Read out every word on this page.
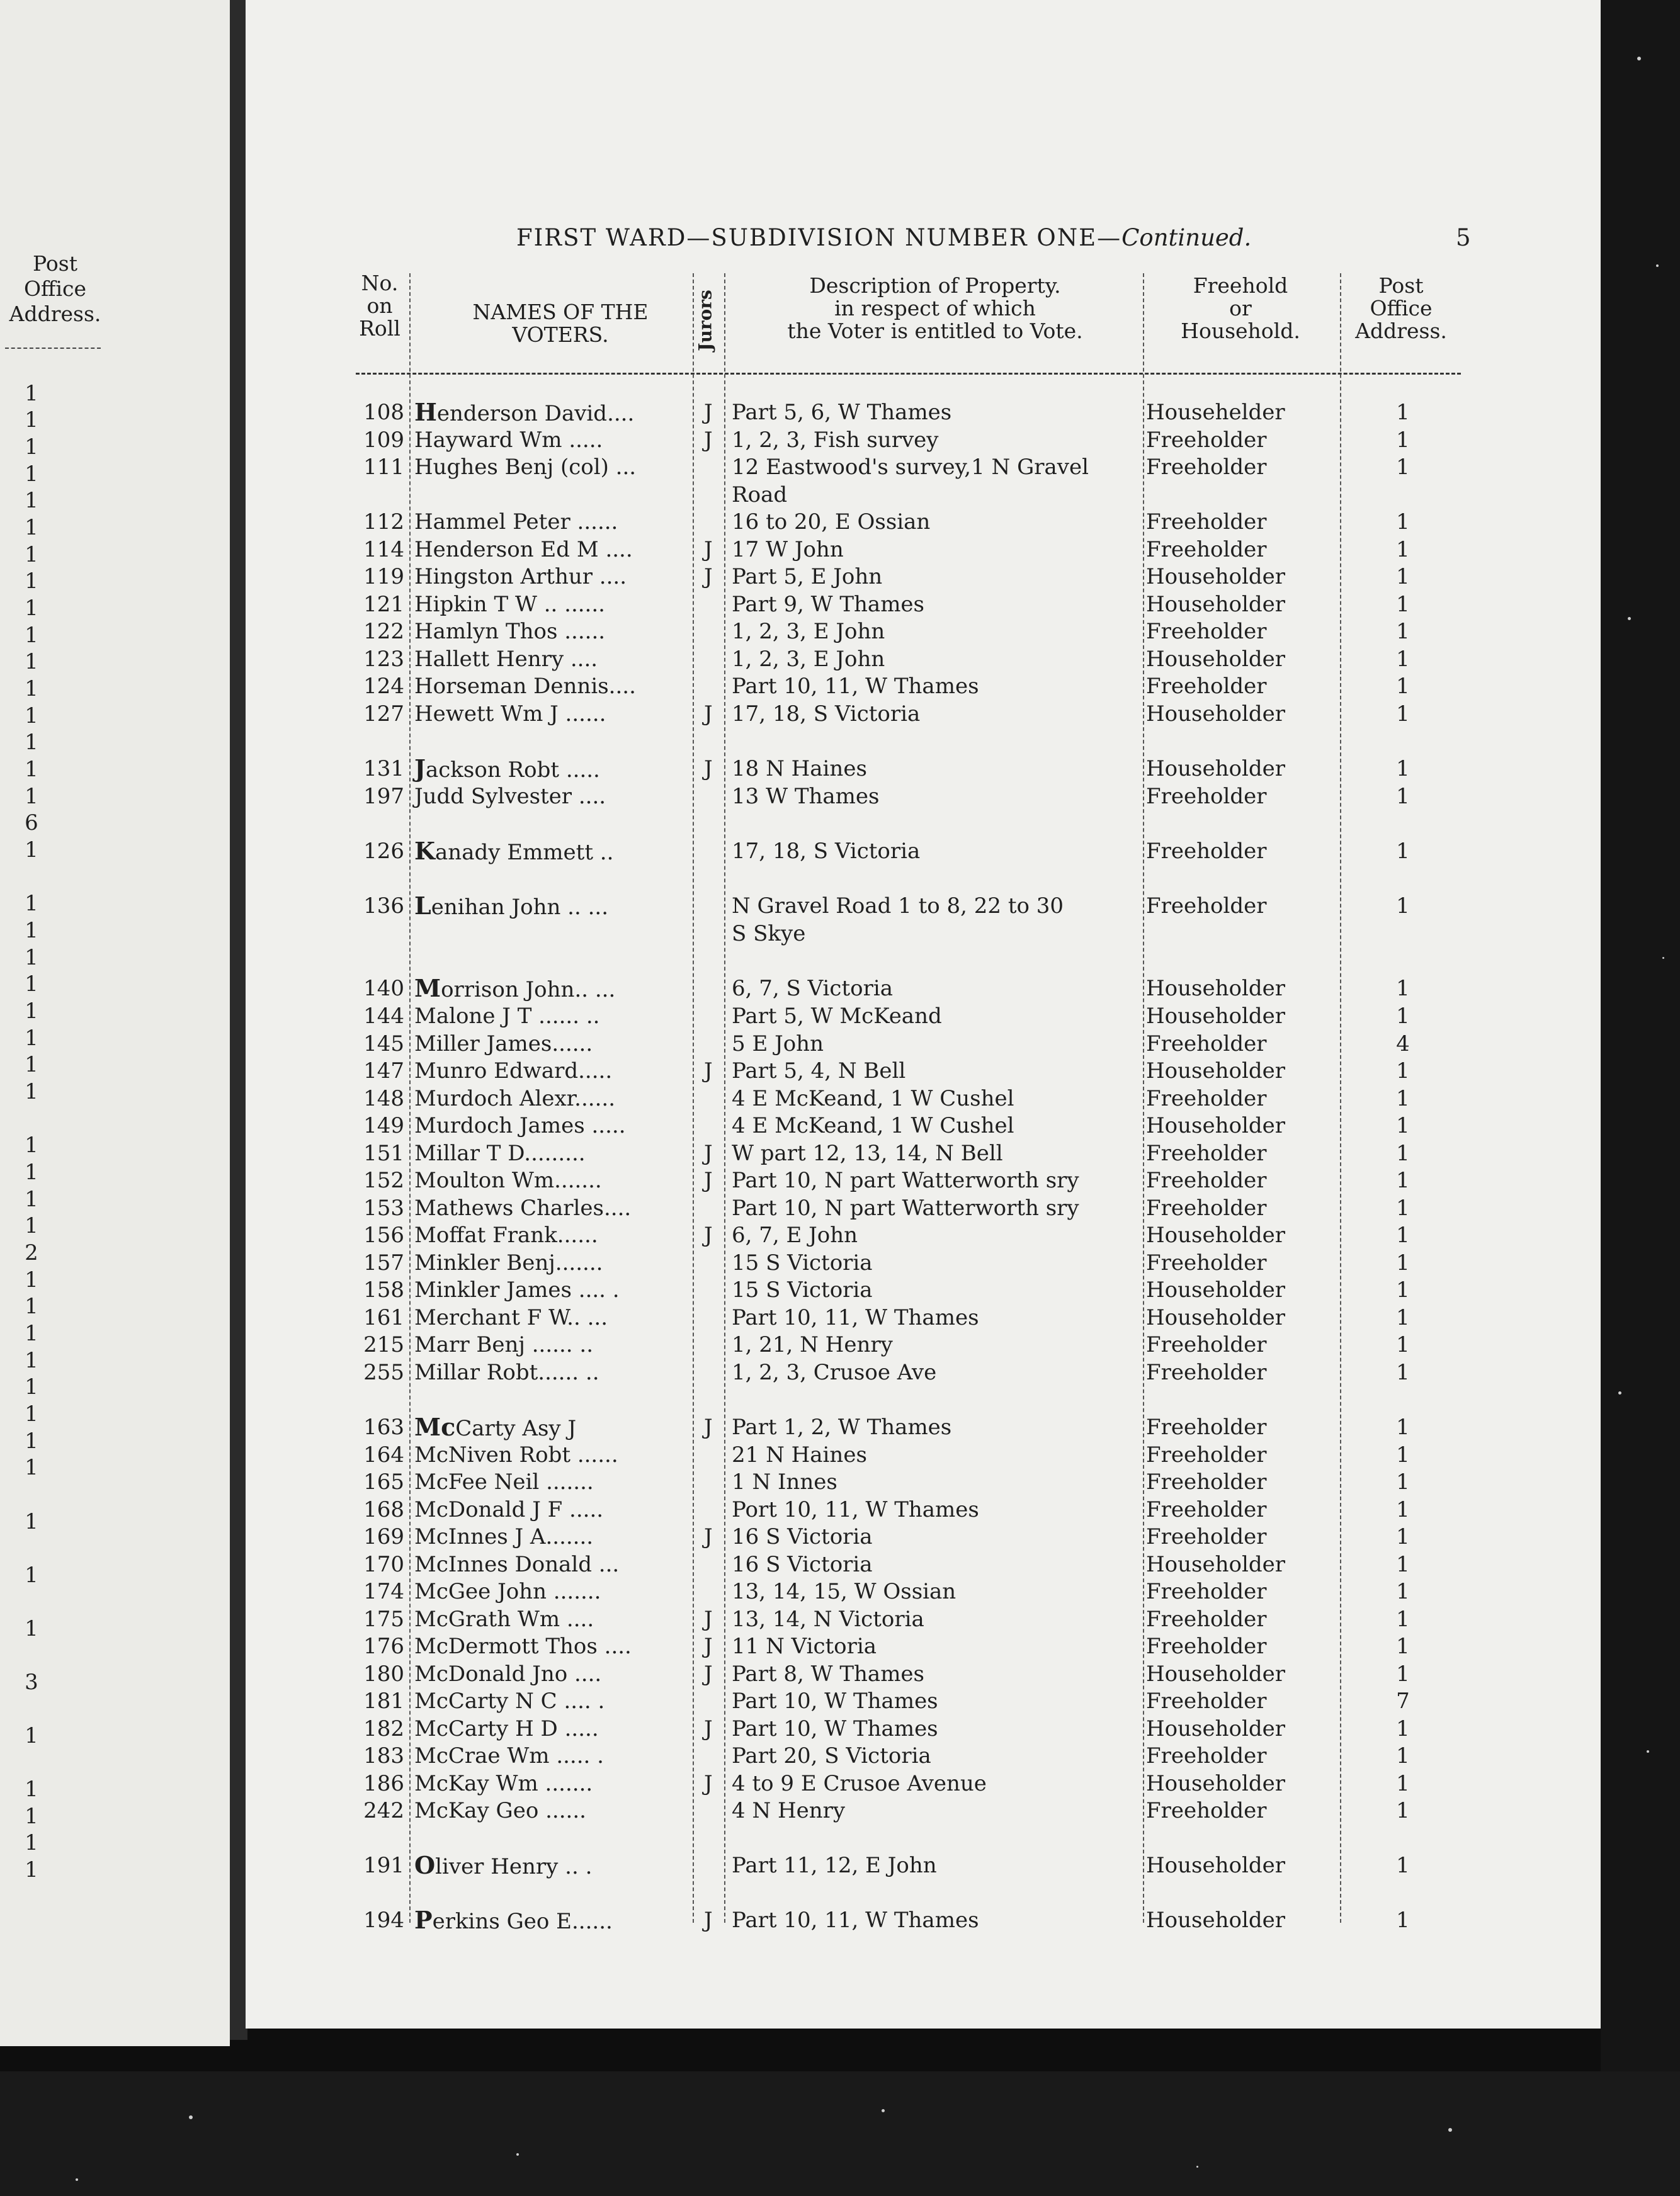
Post
Office
Address.
1
1
1
1
1
1
1
1
1
1
1
1
1
1
1
1
6
1
1
1
1
1
1
1
1
1
1
1
1
1
2
1
1
1
1
1
1
1
1
1
1
1
3
1
1
1
1
1
FIRST WARD—SUBDIVISION NUMBER ONE—Continued.	5
No.
on
Roll
NAMES OF THE
VOTERS.	Jurors
Description of Property.
in respect of which
the Voter is entitled to Vote.
Freehold
or
Household.
Post
Office
Address.
108 Henderson David....	J Part 5, 6, W Thames	Househelder	1
109 Hayward Wm .....	J 1, 2, 3, Fish survey	Freeholder	1
111 Hughes Benj (col) ...	12 Eastwood's survey,1 N Gravel	Freeholder	1
Road
112 Hammel Peter ......	16 to 20, E Ossian	Freeholder	1
114 Henderson Ed M ....	J 17 W John	Freeholder	1
119 Hingston Arthur ....	J Part 5, E John	Householder	1
121 Hipkin T W .. ......	Part 9, W Thames	Householder	1
122 Hamlyn Thos ......	1, 2, 3, E John	Freeholder	1
123 Hallett Henry ....	1, 2, 3, E John	Householder	1
124 Horseman Dennis....	Part 10, 11, W Thames	Freeholder	1
127 Hewett Wm J ......	J 17, 18, S Victoria	Householder	1
131 Jackson Robt .....	J 18 N Haines	Householder	1
197 Judd Sylvester ....	13 W Thames	Freeholder	1
126 Kanady Emmett ..	17, 18, S Victoria	Freeholder	1
136 Lenihan John .. ...	N Gravel Road 1 to 8, 22 to 30	Freeholder	1
S Skye
140 Morrison John.. ...	6, 7, S Victoria	Householder	1
144 Malone J T ...... ..	Part 5, W McKeand	Householder	1
145 Miller James......	5 E John	Freeholder	4
147 Munro Edward.....	J Part 5, 4, N Bell	Householder	1
148 Murdoch Alexr......	4 E McKeand, 1 W Cushel	Freeholder	1
149 Murdoch James .....	4 E McKeand, 1 W Cushel	Householder	1
151 Millar T D.........	J W part 12, 13, 14, N Bell	Freeholder	1
152 Moulton Wm.......	J Part 10, N part Watterworth sry	Freeholder	1
153 Mathews Charles....	Part 10, N part Watterworth sry	Freeholder	1
156 Moffat Frank......	J 6, 7, E John	Householder	1
157 Minkler Benj.......	15 S Victoria	Freeholder	1
158 Minkler James .... .	15 S Victoria	Householder	1
161 Merchant F W.. ...	Part 10, 11, W Thames	Householder	1
215 Marr Benj ...... ..	1, 21, N Henry	Freeholder	1
255 Millar Robt...... ..	1, 2, 3, Crusoe Ave	Freeholder	1
163 McCarty Asy J	J Part 1, 2, W Thames	Freeholder	1
164 McNiven Robt ......	21 N Haines	Freeholder	1
165 McFee Neil .......	1 N Innes	Freeholder	1
168 McDonald J F .....	Port 10, 11, W Thames	Freeholder	1
169 McInnes J A.......	J 16 S Victoria	Freeholder	1
170 McInnes Donald ...	16 S Victoria	Householder	1
174 McGee John .......	13, 14, 15, W Ossian	Freeholder	1
175 McGrath Wm ....	J 13, 14, N Victoria	Freeholder	1
176 McDermott Thos ....	J 11 N Victoria	Freeholder	1
180 McDonald Jno ....	J Part 8, W Thames	Householder	1
181 McCarty N C .... .	Part 10, W Thames	Freeholder	7
182 McCarty H D .....	J Part 10, W Thames	Householder	1
183 McCrae Wm ..... .	Part 20, S Victoria	Freeholder	1
186 McKay Wm .......	J 4 to 9 E Crusoe Avenue	Householder	1
242 McKay Geo ......	4 N Henry	Freeholder	1
191 Oliver Henry .. .	Part 11, 12, E John	Householder	1
194 Perkins Geo E......	J Part 10, 11, W Thames	Householder	1
